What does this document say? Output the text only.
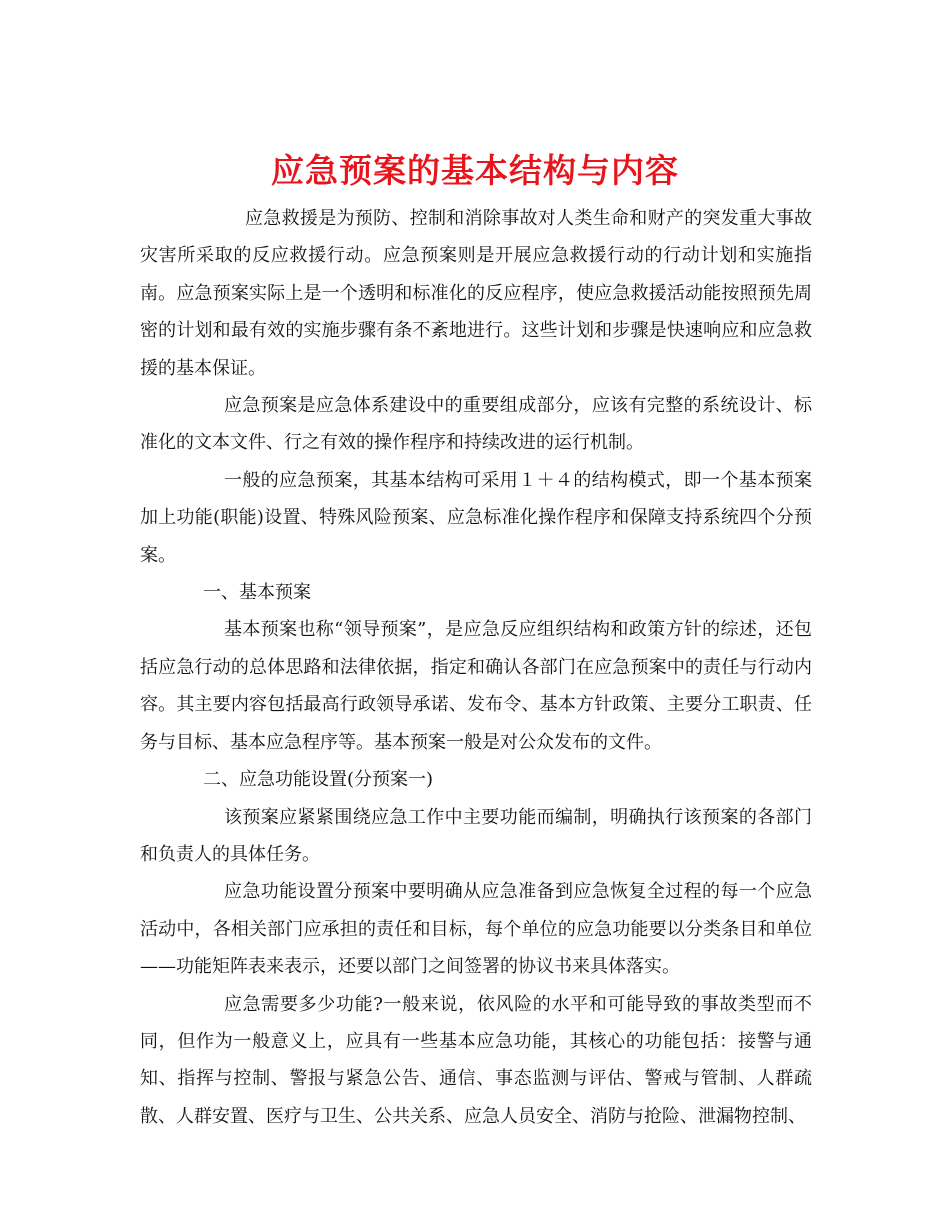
应急预案的基本结构与内容

应急救援是为预防、控制和消除事故对人类生命和财产的突发重大事故灾害所采取的反应救援行动。应急预案则是开展应急救援行动的行动计划和实施指南。应急预案实际上是一个透明和标准化的反应程序，使应急救援活动能按照预先周密的计划和最有效的实施步骤有条不紊地进行。这些计划和步骤是快速响应和应急救援的基本保证。

应急预案是应急体系建设中的重要组成部分，应该有完整的系统设计、标准化的文本文件、行之有效的操作程序和持续改进的运行机制。

一般的应急预案，其基本结构可采用１＋４的结构模式，即一个基本预案加上功能(职能)设置、特殊风险预案、应急标准化操作程序和保障支持系统四个分预案。

一、基本预案

基本预案也称“领导预案”，是应急反应组织结构和政策方针的综述，还包括应急行动的总体思路和法律依据，指定和确认各部门在应急预案中的责任与行动内容。其主要内容包括最高行政领导承诺、发布令、基本方针政策、主要分工职责、任务与目标、基本应急程序等。基本预案一般是对公众发布的文件。

二、应急功能设置(分预案一)

该预案应紧紧围绕应急工作中主要功能而编制，明确执行该预案的各部门和负责人的具体任务。

应急功能设置分预案中要明确从应急准备到应急恢复全过程的每一个应急活动中，各相关部门应承担的责任和目标，每个单位的应急功能要以分类条目和单位——功能矩阵表来表示，还要以部门之间签署的协议书来具体落实。

应急需要多少功能?一般来说，依风险的水平和可能导致的事故类型而不同，但作为一般意义上，应具有一些基本应急功能，其核心的功能包括：接警与通知、指挥与控制、警报与紧急公告、通信、事态监测与评估、警戒与管制、人群疏散、人群安置、医疗与卫生、公共关系、应急人员安全、消防与抢险、泄漏物控制、
